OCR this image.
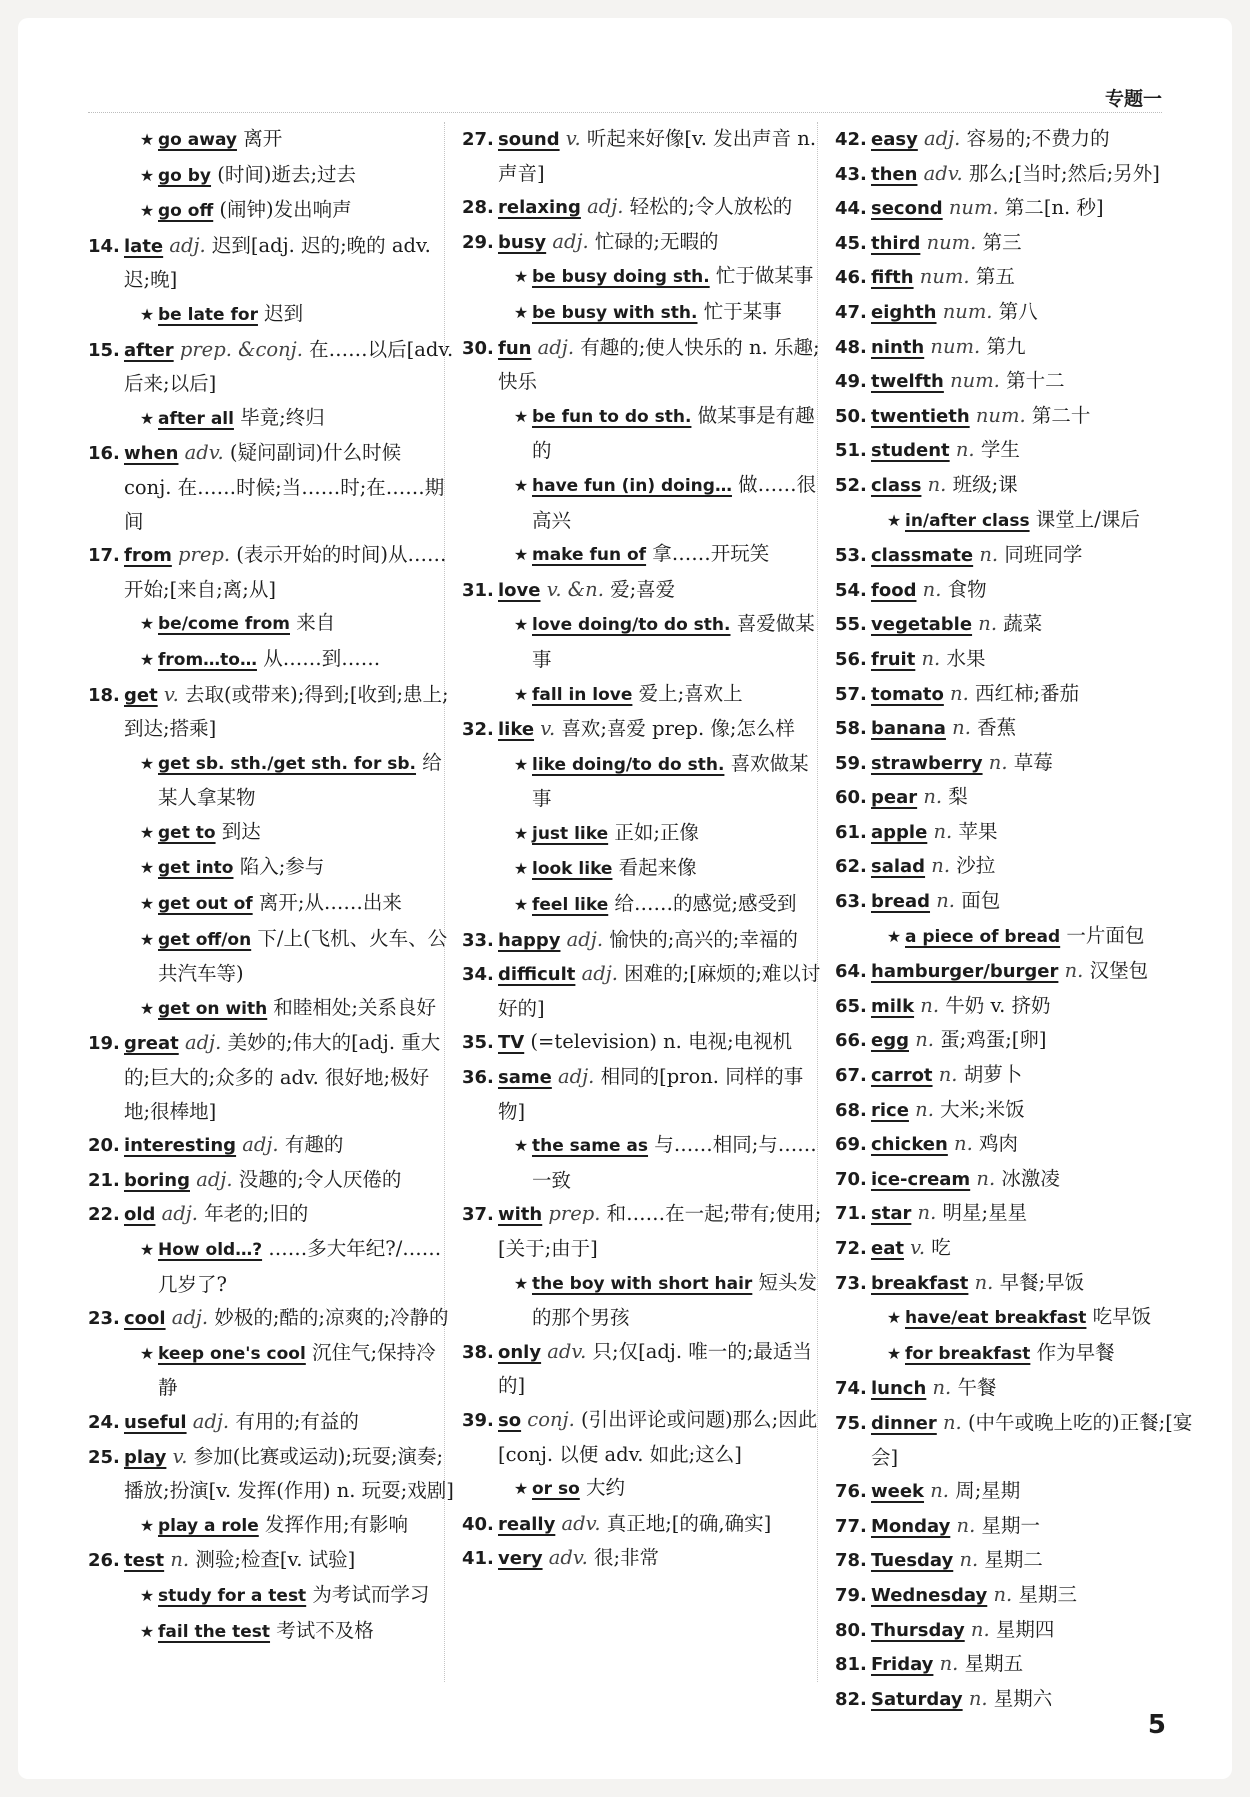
专题一
★ go away 离开
★ go by (时间)逝去;过去
★ go off (闹钟)发出响声
14. late adj. 迟到[adj. 迟的;晚的 adv. 迟;晚]
★ be late for 迟到
15. after prep. &conj. 在……以后[adv. 后来;以后]
★ after all 毕竟;终归
16. when adv. (疑问副词)什么时候 conj. 在……时候;当……时;在……期间
17. from prep. (表示开始的时间)从……开始;[来自;离;从]
★ be/come from 来自
★ from…to… 从……到……
18. get v. 去取(或带来);得到;[收到;患上;到达;搭乘]
★ get sb. sth./get sth. for sb. 给某人拿某物
★ get to 到达
★ get into 陷入;参与
★ get out of 离开;从……出来
★ get off/on 下/上(飞机、火车、公共汽车等)
★ get on with 和睦相处;关系良好
19. great adj. 美妙的;伟大的[adj. 重大的;巨大的;众多的 adv. 很好地;极好地;很棒地]
20. interesting adj. 有趣的
21. boring adj. 没趣的;令人厌倦的
22. old adj. 年老的;旧的
★ How old…? ……多大年纪?/……几岁了?
23. cool adj. 妙极的;酷的;凉爽的;冷静的
★ keep one's cool 沉住气;保持冷静
24. useful adj. 有用的;有益的
25. play v. 参加(比赛或运动);玩耍;演奏;播放;扮演[v. 发挥(作用) n. 玩耍;戏剧]
★ play a role 发挥作用;有影响
26. test n. 测验;检查[v. 试验]
★ study for a test 为考试而学习
★ fail the test 考试不及格
27. sound v. 听起来好像[v. 发出声音 n. 声音]
28. relaxing adj. 轻松的;令人放松的
29. busy adj. 忙碌的;无暇的
★ be busy doing sth. 忙于做某事
★ be busy with sth. 忙于某事
30. fun adj. 有趣的;使人快乐的 n. 乐趣;快乐
★ be fun to do sth. 做某事是有趣的
★ have fun (in) doing… 做……很高兴
★ make fun of 拿……开玩笑
31. love v. &n. 爱;喜爱
★ love doing/to do sth. 喜爱做某事
★ fall in love 爱上;喜欢上
32. like v. 喜欢;喜爱 prep. 像;怎么样
★ like doing/to do sth. 喜欢做某事
★ just like 正如;正像
★ look like 看起来像
★ feel like 给……的感觉;感受到
33. happy adj. 愉快的;高兴的;幸福的
34. difficult adj. 困难的;[麻烦的;难以讨好的]
35. TV (=television) n. 电视;电视机
36. same adj. 相同的[pron. 同样的事物]
★ the same as 与……相同;与……一致
37. with prep. 和……在一起;带有;使用;[关于;由于]
★ the boy with short hair 短头发的那个男孩
38. only adv. 只;仅[adj. 唯一的;最适当的]
39. so conj. (引出评论或问题)那么;因此[conj. 以便 adv. 如此;这么]
★ or so 大约
40. really adv. 真正地;[的确,确实]
41. very adv. 很;非常
42. easy adj. 容易的;不费力的
43. then adv. 那么;[当时;然后;另外]
44. second num. 第二[n. 秒]
45. third num. 第三
46. fifth num. 第五
47. eighth num. 第八
48. ninth num. 第九
49. twelfth num. 第十二
50. twentieth num. 第二十
51. student n. 学生
52. class n. 班级;课
★ in/after class 课堂上/课后
53. classmate n. 同班同学
54. food n. 食物
55. vegetable n. 蔬菜
56. fruit n. 水果
57. tomato n. 西红柿;番茄
58. banana n. 香蕉
59. strawberry n. 草莓
60. pear n. 梨
61. apple n. 苹果
62. salad n. 沙拉
63. bread n. 面包
★ a piece of bread 一片面包
64. hamburger/burger n. 汉堡包
65. milk n. 牛奶 v. 挤奶
66. egg n. 蛋;鸡蛋;[卵]
67. carrot n. 胡萝卜
68. rice n. 大米;米饭
69. chicken n. 鸡肉
70. ice-cream n. 冰激凌
71. star n. 明星;星星
72. eat v. 吃
73. breakfast n. 早餐;早饭
★ have/eat breakfast 吃早饭
★ for breakfast 作为早餐
74. lunch n. 午餐
75. dinner n. (中午或晚上吃的)正餐;[宴会]
76. week n. 周;星期
77. Monday n. 星期一
78. Tuesday n. 星期二
79. Wednesday n. 星期三
80. Thursday n. 星期四
81. Friday n. 星期五
82. Saturday n. 星期六
5
